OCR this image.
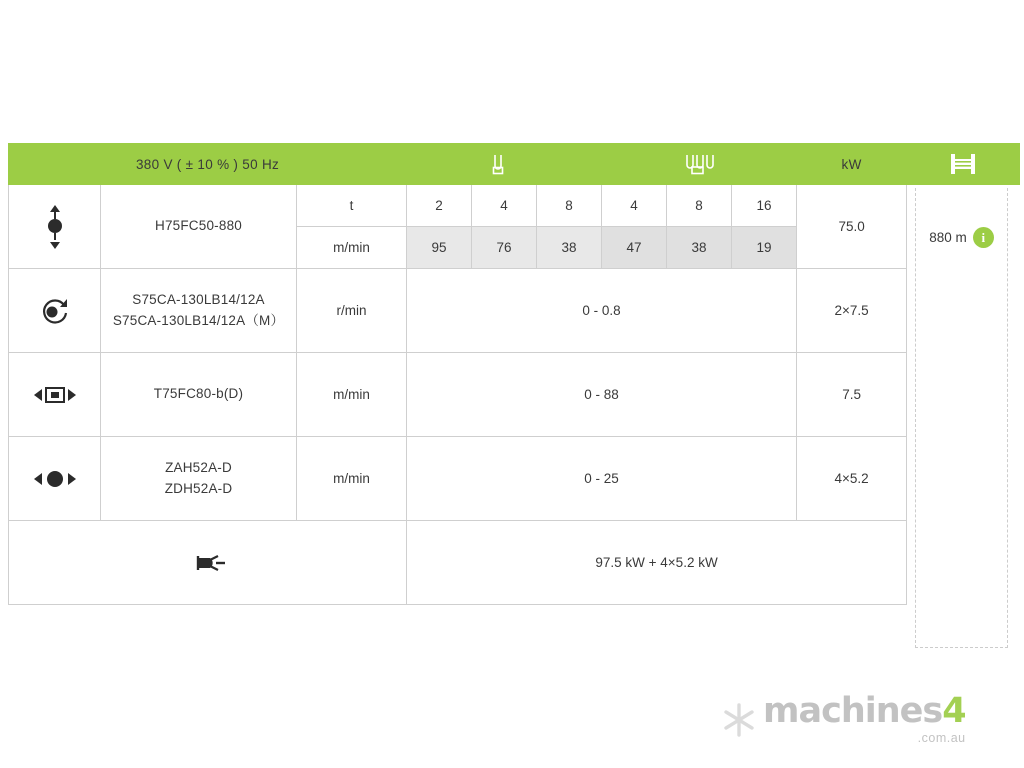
380 V ( ± 10 % ) 50 Hz									kW	

	H75FC50-880	t	2	4	8	4	8	16	75.0	
		m/min	95	76	38	47	38	19		

S75CA-130LB14/12A
S75CA-130LB14/12A（M）	r/min	0 - 0.8						2×7.5	

	T75FC80-b(D)	m/min	0 - 88						7.5	

ZAH52A-D
ZDH52A-D	m/min	0 - 25						4×5.2	

	97.5 kW + 4×5.2 kW							
880 m	i
machines4
.com.au
